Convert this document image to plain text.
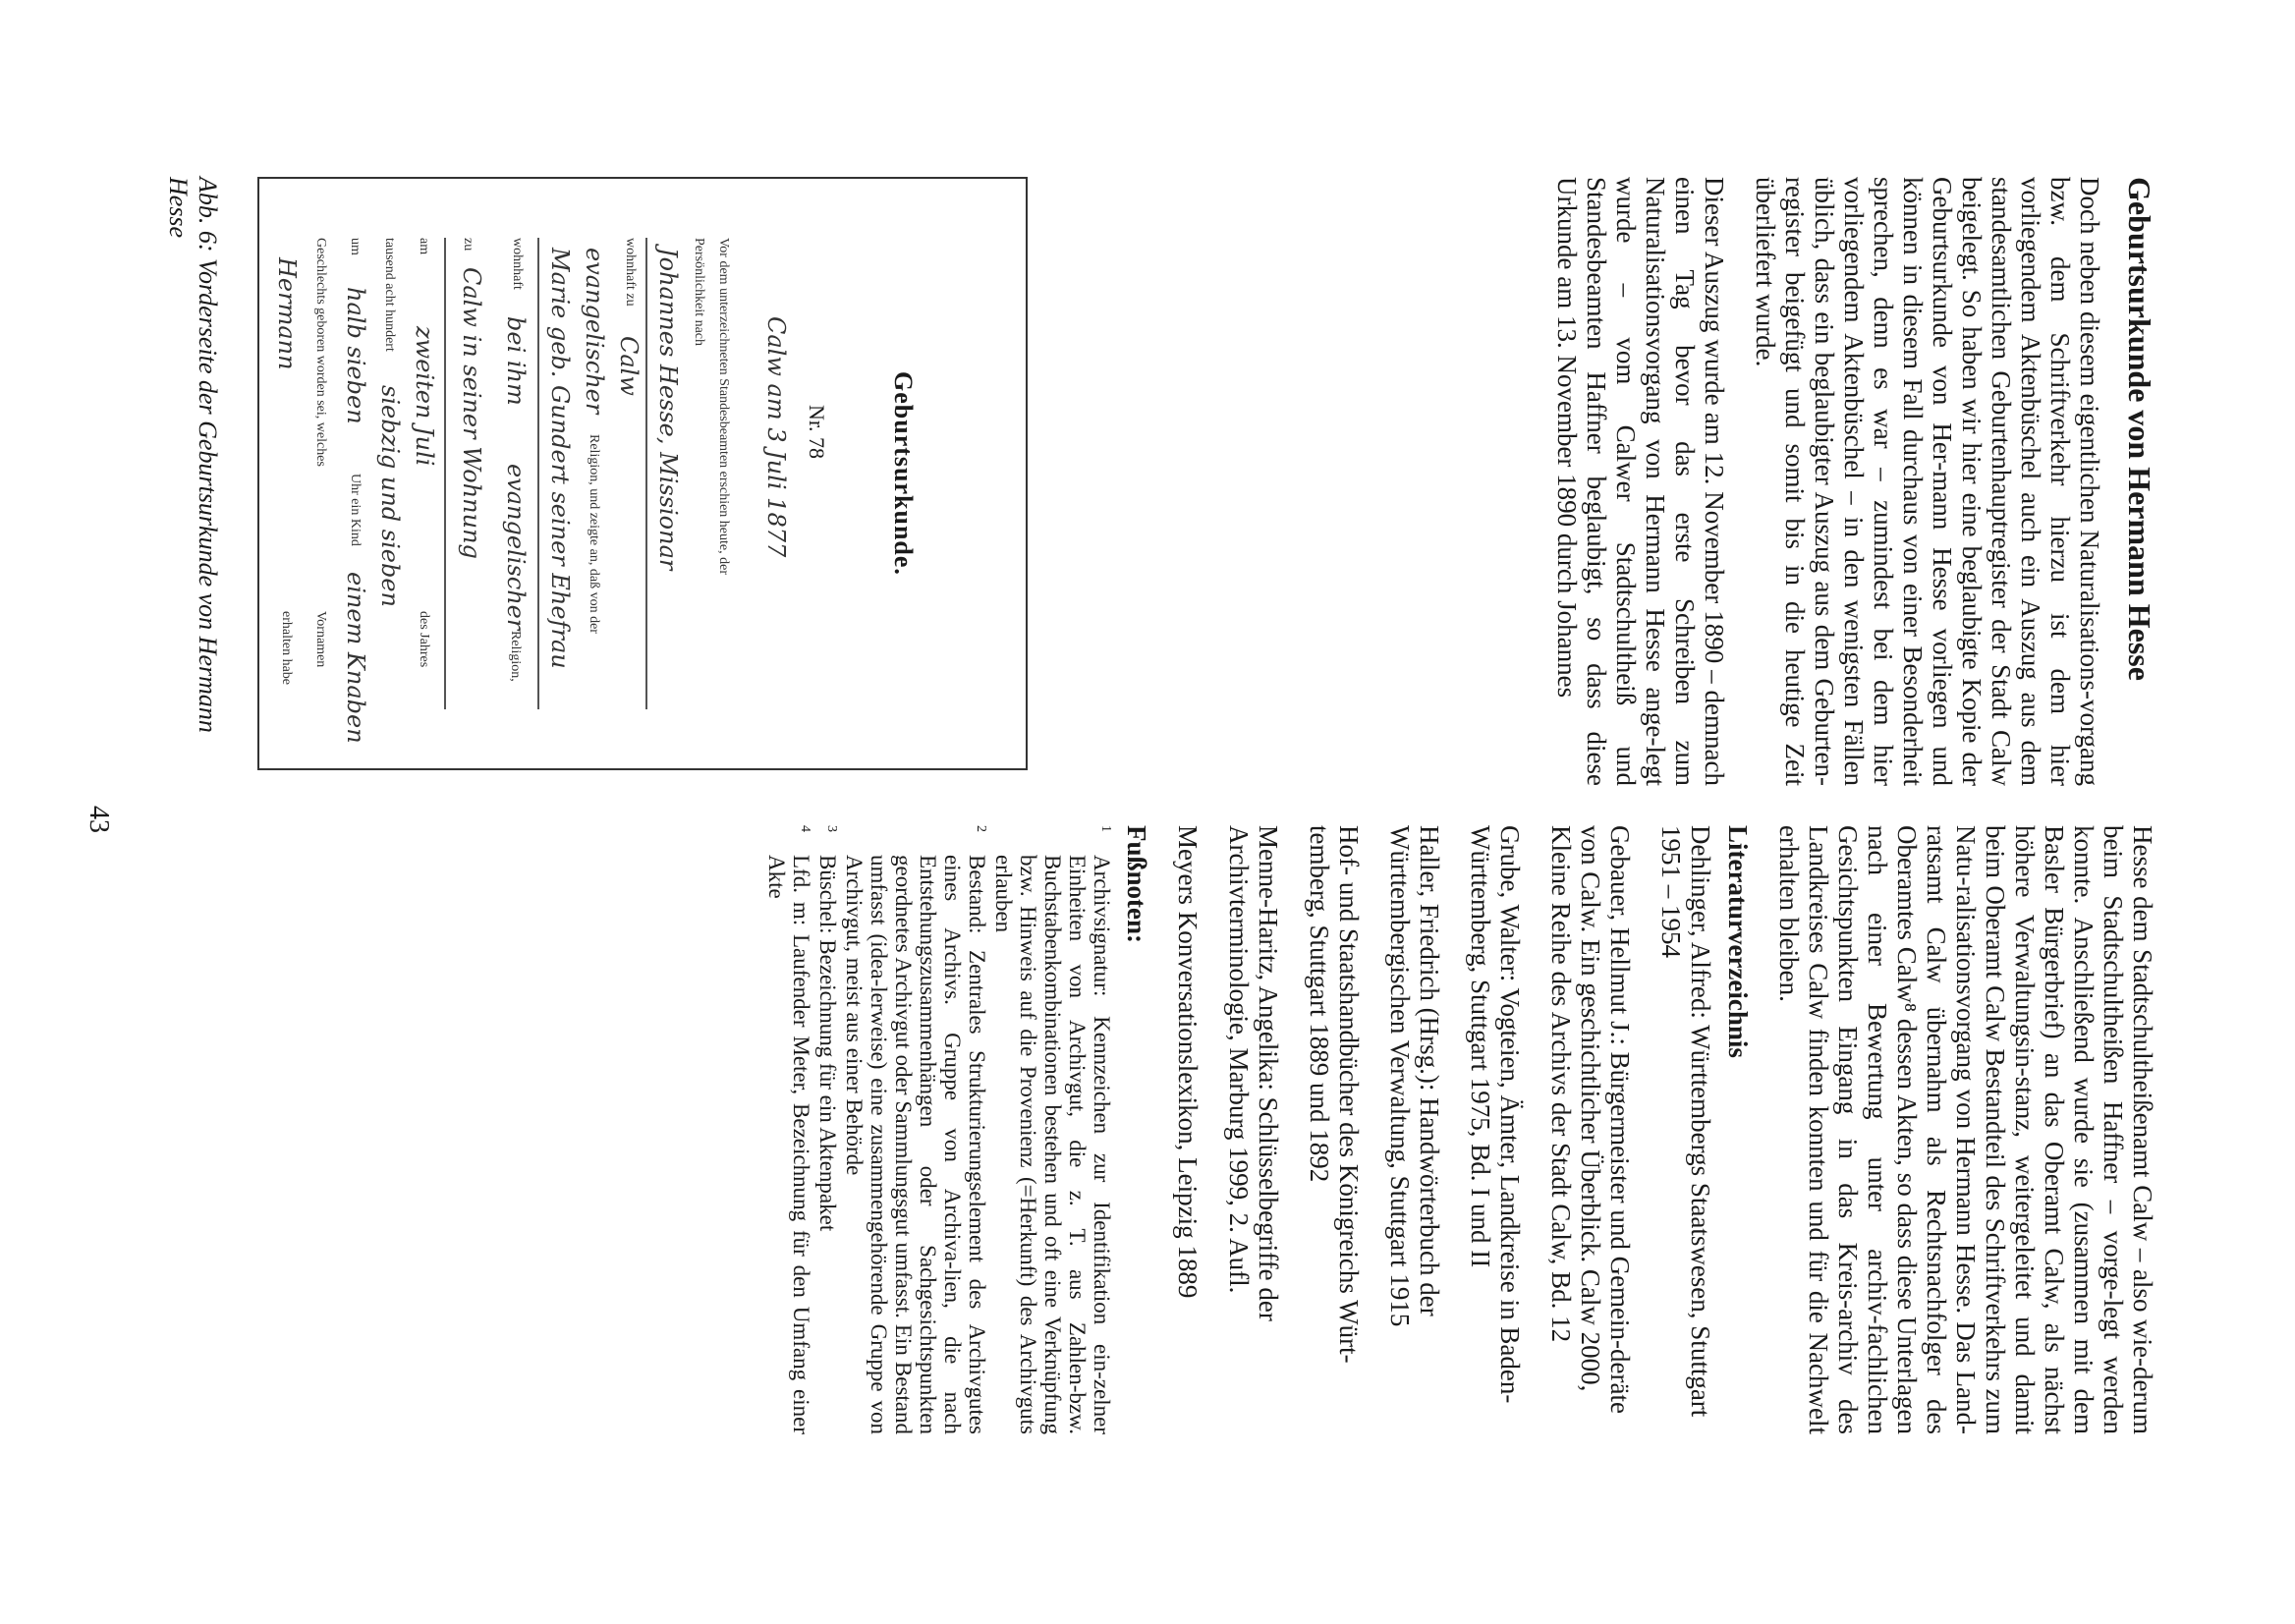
Geburtsurkunde von Hermann Hesse

Doch neben diesem eigentlichen Naturalisations-vorgang bzw. dem Schriftverkehr hierzu ist dem hier vorliegendem Aktenbüschel auch ein Auszug aus dem standesamtlichen Geburtenhauptregister der Stadt Calw beigelegt. So haben wir hier eine beglaubigte Kopie der Geburtsurkunde von Her-mann Hesse vorliegen und können in diesem Fall durchaus von einer Besonderheit sprechen, denn es war – zumindest bei dem hier vorliegendem Aktenbüschel – in den wenigsten Fällen üblich, dass ein beglaubigter Auszug aus dem Geburten-register beigefügt und somit bis in die heutige Zeit überliefert wurde.

Dieser Auszug wurde am 12. November 1890 – demnach einen Tag bevor das erste Schreiben zum Naturalisationsvorgang von Hermann Hesse ange-legt wurde – vom Calwer Stadtschultheiß und Standesbeamten Haffner beglaubigt, so dass diese Urkunde am 13. November 1890 durch Johannes

Hesse dem Stadtschultheißenamt Calw – also wie-derum beim Stadtschultheißen Haffner – vorge-legt werden konnte. Anschließend wurde sie (zusammen mit dem Basler Bürgerbrief) an das Oberamt Calw, als nächst höhere Verwaltungsin-stanz, weitergeleitet und damit beim Oberamt Calw Bestandteil des Schriftverkehrs zum Natu-ralisationsvorgang von Hermann Hesse. Das Land-ratsamt Calw übernahm als Rechtsnachfolger des Oberamtes Calw⁸ dessen Akten, so dass diese Unterlagen nach einer Bewertung unter archiv-fachlichen Gesichtspunkten Eingang in das Kreis-archiv des Landkreises Calw finden konnten und für die Nachwelt erhalten bleiben.

Literaturverzeichnis
Dehlinger, Alfred: Württembergs Staatswesen, Stuttgart 1951 – 1954
Gebauer, Hellmut J.: Bürgermeister und Gemein-deräte von Calw. Ein geschichtlicher Überblick. Calw 2000, Kleine Reihe des Archivs der Stadt Calw, Bd. 12
Grube, Walter: Vogteien, Ämter, Landkreise in Baden-Württemberg, Stuttgart 1975, Bd. I und II
Haller, Friedrich (Hrsg.): Handwörterbuch der Württembergischen Verwaltung, Stuttgart 1915
Hof- und Staatshandbücher des Königreichs Würt-temberg, Stuttgart 1889 und 1892
Menne-Haritz, Angelika: Schlüsselbegriffe der Archivterminologie, Marburg 1999, 2. Aufl.
Meyers Konversationslexikon, Leipzig 1889
Fußnoten:
1
Archivsignatur: Kennzeichen zur Identifikation ein-zelner Einheiten von Archivgut, die z. T. aus Zahlen-bzw. Buchstabenkombinationen bestehen und oft eine Verknüpfung bzw. Hinweis auf die Provenienz (=Herkunft) des Archivguts erlauben
2
Bestand: Zentrales Strukturierungselement des Archivgutes eines Archivs. Gruppe von Archiva-lien, die nach Entstehungszusammenhängen oder Sachgesichtspunkten geordnetes Archivgut oder Sammlungsgut umfasst. Ein Bestand umfasst (idea-lerweise) eine zusammengehörende Gruppe von Archivgut, meist aus einer Behörde
3
Büschel: Bezeichnung für ein Aktenpaket
4
Lfd. m: Laufender Meter, Bezeichnung für den Umfang einer Akte
Geburtsurkunde.
Nr. 78
Calw am 3 Juli 1877
Vor dem unterzeichneten Standesbeamten erschien heute, der
Persönlichkeit nach
Johannes Hesse, Missionar
wohnhaft zu
Calw
evangelischer
Religion, und zeigte an, daß von der
Marie geb. Gundert seiner Ehefrau
wohnhaft
bei ihm
evangelischer
Religion,
zu
Calw in seiner Wohnung
am
zweiten Juli
des Jahres
tausend acht hundert
siebzig und sieben
um
halb sieben
Uhr ein Kind
einem Knaben
Geschlechts geboren worden sei, welches
Vornamen
Hermann
erhalten habe
Abb. 6: Vorderseite der Geburtsurkunde von Hermann Hesse
43
